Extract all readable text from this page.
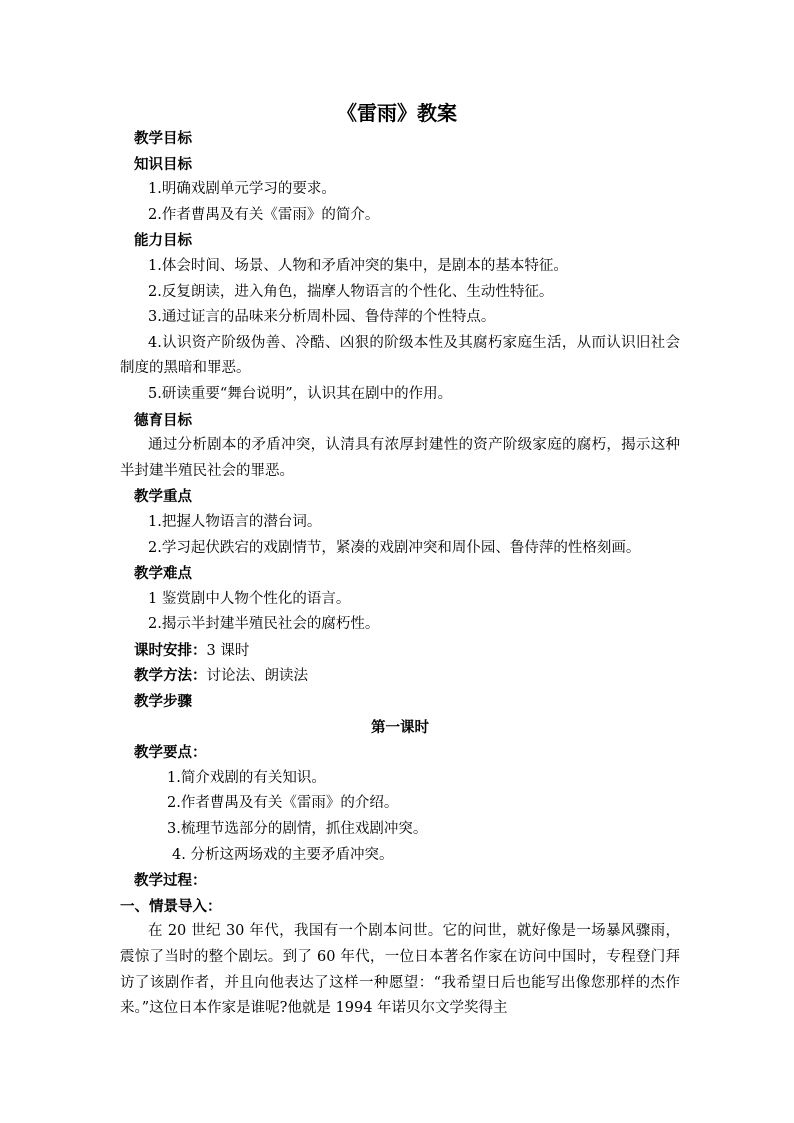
《雷雨》教案
教学目标
知识目标
1.明确戏剧单元学习的要求。
2.作者曹禺及有关《雷雨》的简介。
能力目标
1.体会时间、场景、人物和矛盾冲突的集中，是剧本的基本特征。
2.反复朗读，进入角色，揣摩人物语言的个性化、生动性特征。
3.通过证言的品味来分析周朴园、鲁侍萍的个性特点。
4.认识资产阶级伪善、冷酷、凶狠的阶级本性及其腐朽家庭生活，从而认识旧社会制度的黑暗和罪恶。
5.研读重要“舞台说明”，认识其在剧中的作用。
德育目标
通过分析剧本的矛盾冲突，认清具有浓厚封建性的资产阶级家庭的腐朽，揭示这种半封建半殖民社会的罪恶。
教学重点
1.把握人物语言的潜台词。
2.学习起伏跌宕的戏剧情节，紧凑的戏剧冲突和周仆园、鲁侍萍的性格刻画。
教学难点
1 鉴赏剧中人物个性化的语言。
2.揭示半封建半殖民社会的腐朽性。
课时安排：3 课时
教学方法：讨论法、朗读法
教学步骤
第一课时
教学要点：
1.简介戏剧的有关知识。
2.作者曹禺及有关《雷雨》的介绍。
3.梳理节选部分的剧情，抓住戏剧冲突。
4. 分析这两场戏的主要矛盾冲突。
教学过程：
一、情景导入：
在 20 世纪 30 年代，我国有一个剧本问世。它的问世，就好像是一场暴风骤雨，震惊了当时的整个剧坛。到了 60 年代，一位日本著名作家在访问中国时，专程登门拜访了该剧作者，并且向他表达了这样一种愿望：“我希望日后也能写出像您那样的杰作来。”这位日本作家是谁呢?他就是 1994 年诺贝尔文学奖得主
